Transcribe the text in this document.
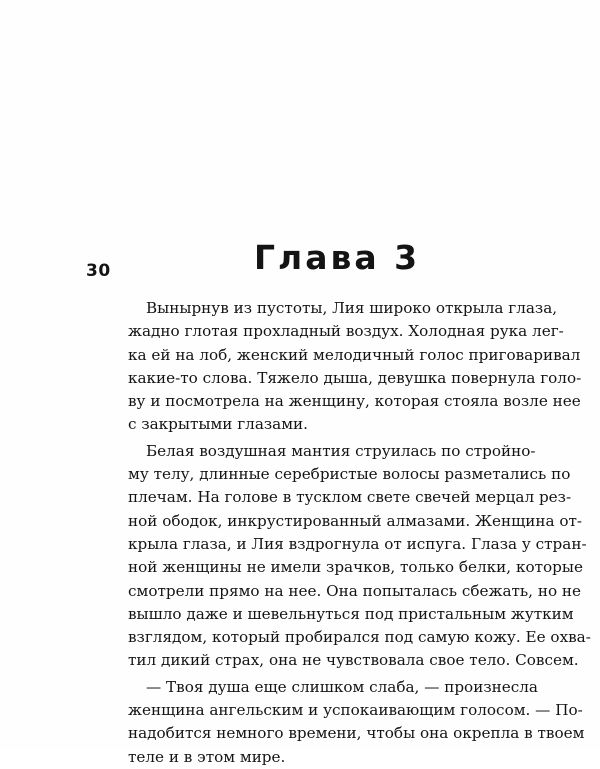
30	Глава 3
Вынырнув из пустоты, Лия широко открыла глаза,
жадно глотая прохладный воздух. Холодная рука лег-
ка ей на лоб, женский мелодичный голос приговаривал
какие-то слова. Тяжело дыша, девушка повернула голо-
ву и посмотрела на женщину, которая стояла возле нее
с закрытыми глазами.
Белая воздушная мантия струилась по стройно-
му телу, длинные серебристые волосы разметались по
плечам. На голове в тусклом свете свечей мерцал рез-
ной ободок, инкрустированный алмазами. Женщина от-
крыла глаза, и Лия вздрогнула от испуга. Глаза у стран-
ной женщины не имели зрачков, только белки, которые
смотрели прямо на нее. Она попыталась сбежать, но не
вышло даже и шевельнуться под пристальным жутким
взглядом, который пробирался под самую кожу. Ее охва-
тил дикий страх, она не чувствовала свое тело. Совсем.
— Твоя душа еще слишком слаба, — произнесла
женщина ангельским и успокаивающим голосом. — По-
надобится немного времени, чтобы она окрепла в твоем
теле и в этом мире.
